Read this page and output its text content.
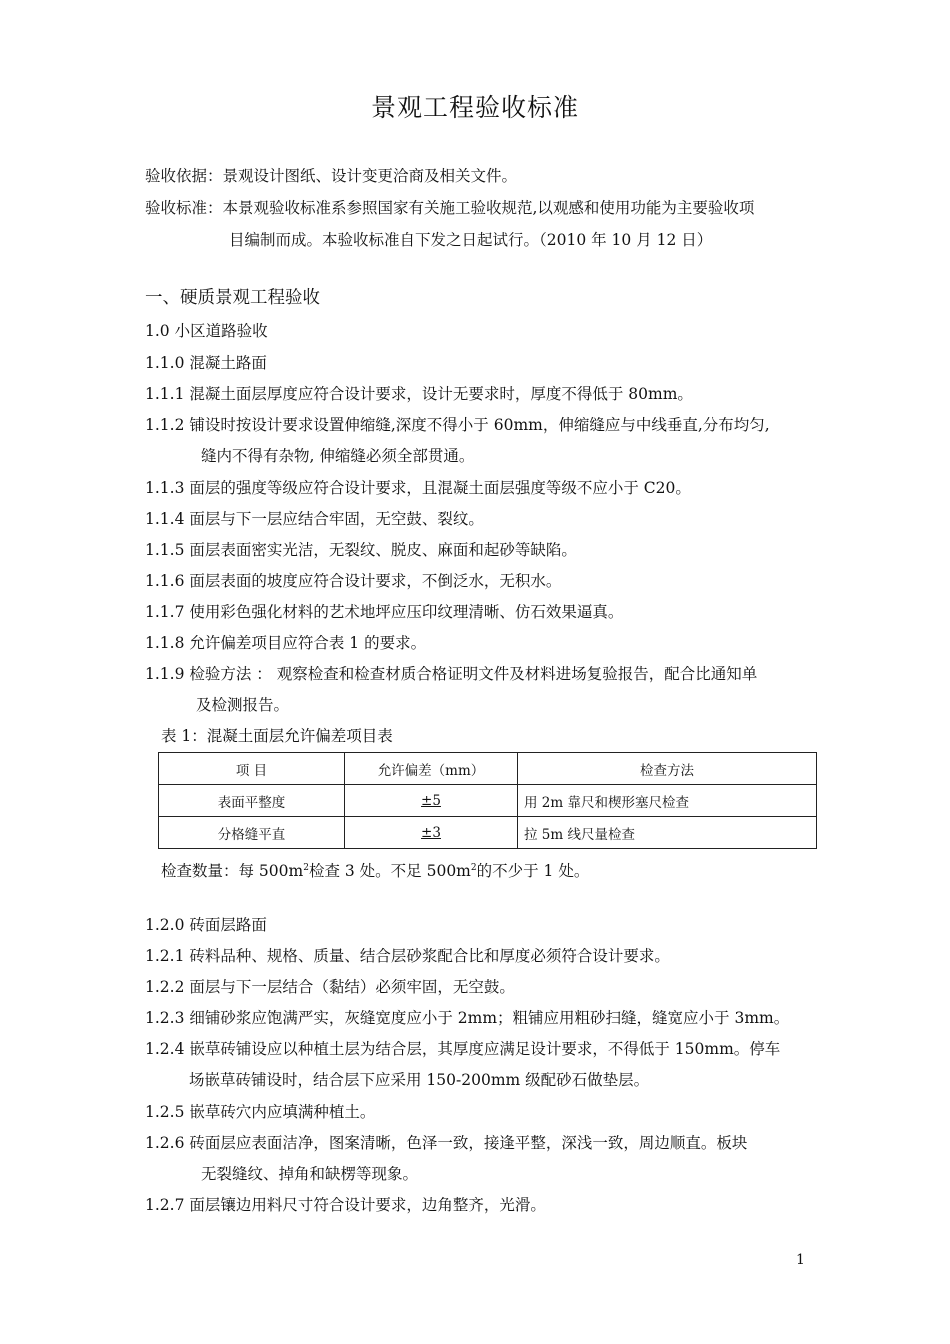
景观工程验收标准
验收依据：景观设计图纸、设计变更洽商及相关文件。
验收标准：本景观验收标准系参照国家有关施工验收规范,以观感和使用功能为主要验收项
目编制而成。本验收标准自下发之日起试行。（2010 年 10 月 12 日）
一、硬质景观工程验收
1.0 小区道路验收
1.1.0 混凝土路面
1.1.1 混凝土面层厚度应符合设计要求，设计无要求时，厚度不得低于 80mm。
1.1.2 铺设时按设计要求设置伸缩缝,深度不得小于 60mm，伸缩缝应与中线垂直,分布均匀,
缝内不得有杂物, 伸缩缝必须全部贯通。
1.1.3 面层的强度等级应符合设计要求，且混凝土面层强度等级不应小于 C20。
1.1.4 面层与下一层应结合牢固，无空鼓、裂纹。
1.1.5 面层表面密实光洁，无裂纹、脱皮、麻面和起砂等缺陷。
1.1.6 面层表面的坡度应符合设计要求，不倒泛水，无积水。
1.1.7 使用彩色强化材料的艺术地坪应压印纹理清晰、仿石效果逼真。
1.1.8 允许偏差项目应符合表 1 的要求。
1.1.9 检验方法 ： 观察检查和检查材质合格证明文件及材料进场复验报告，配合比通知单
及检测报告。
表 1：混凝土面层允许偏差项目表
项 目	允许偏差（mm）	检查方法
表面平整度	±5	用 2m 靠尺和楔形塞尺检查
分格缝平直	±3	拉 5m 线尺量检查
检查数量：每 $500m^2$检查 3 处。不足 $500m^2$的不少于 1 处。
1.2.0 砖面层路面
1.2.1 砖料品种、规格、质量、结合层砂浆配合比和厚度必须符合设计要求。
1.2.2 面层与下一层结合（黏结）必须牢固，无空鼓。
1.2.3 细铺砂浆应饱满严实，灰缝宽度应小于 2mm；粗铺应用粗砂扫缝，缝宽应小于 3mm。
1.2.4 嵌草砖铺设应以种植土层为结合层，其厚度应满足设计要求，不得低于 150mm。停车
场嵌草砖铺设时，结合层下应采用 150-200mm 级配砂石做垫层。
1.2.5 嵌草砖穴内应填满种植土。
1.2.6 砖面层应表面洁净，图案清晰，色泽一致，接逢平整，深浅一致，周边顺直。板块
无裂缝纹、掉角和缺楞等现象。
1.2.7 面层镶边用料尺寸符合设计要求，边角整齐，光滑。
1
